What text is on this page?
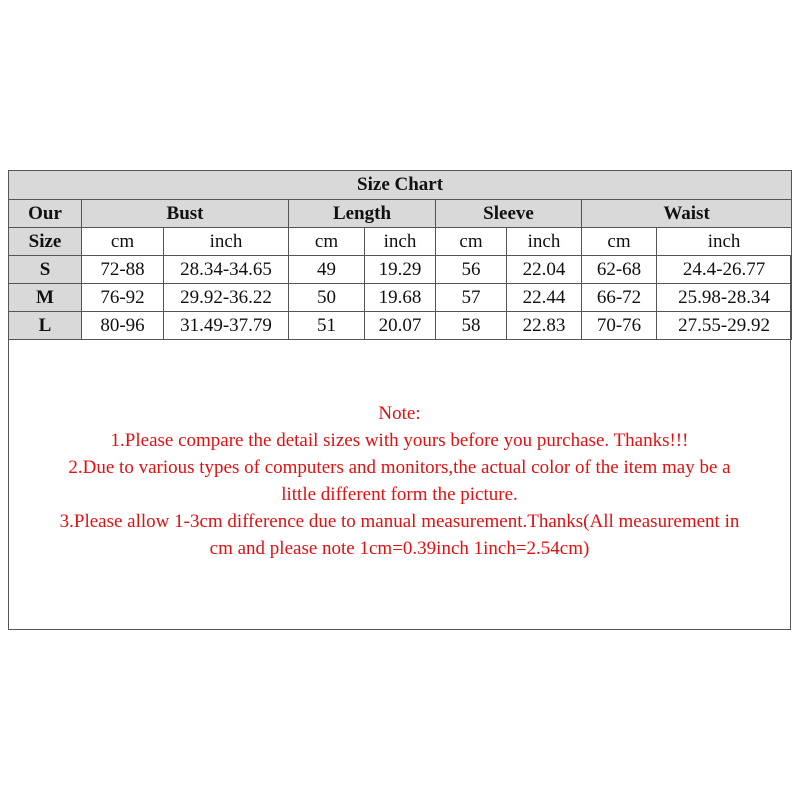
Size Chart								
Our	Bust		Length		Sleeve		Waist	
Size	cm	inch	cm	inch	cm	inch	cm	inch
S	72-88	28.34-34.65	49	19.29	56	22.04	62-68	24.4-26.77
M	76-92	29.92-36.22	50	19.68	57	22.44	66-72	25.98-28.34
L	80-96	31.49-37.79	51	20.07	58	22.83	70-76	27.55-29.92

Note:

1.Please compare the detail sizes with yours before you purchase. Thanks!!!

2.Due to various types of computers and monitors,the actual color of the item may be a

little different form the picture.

3.Please allow 1-3cm difference due to manual measurement.Thanks(All measurement in

cm and please note 1cm=0.39inch 1inch=2.54cm)
